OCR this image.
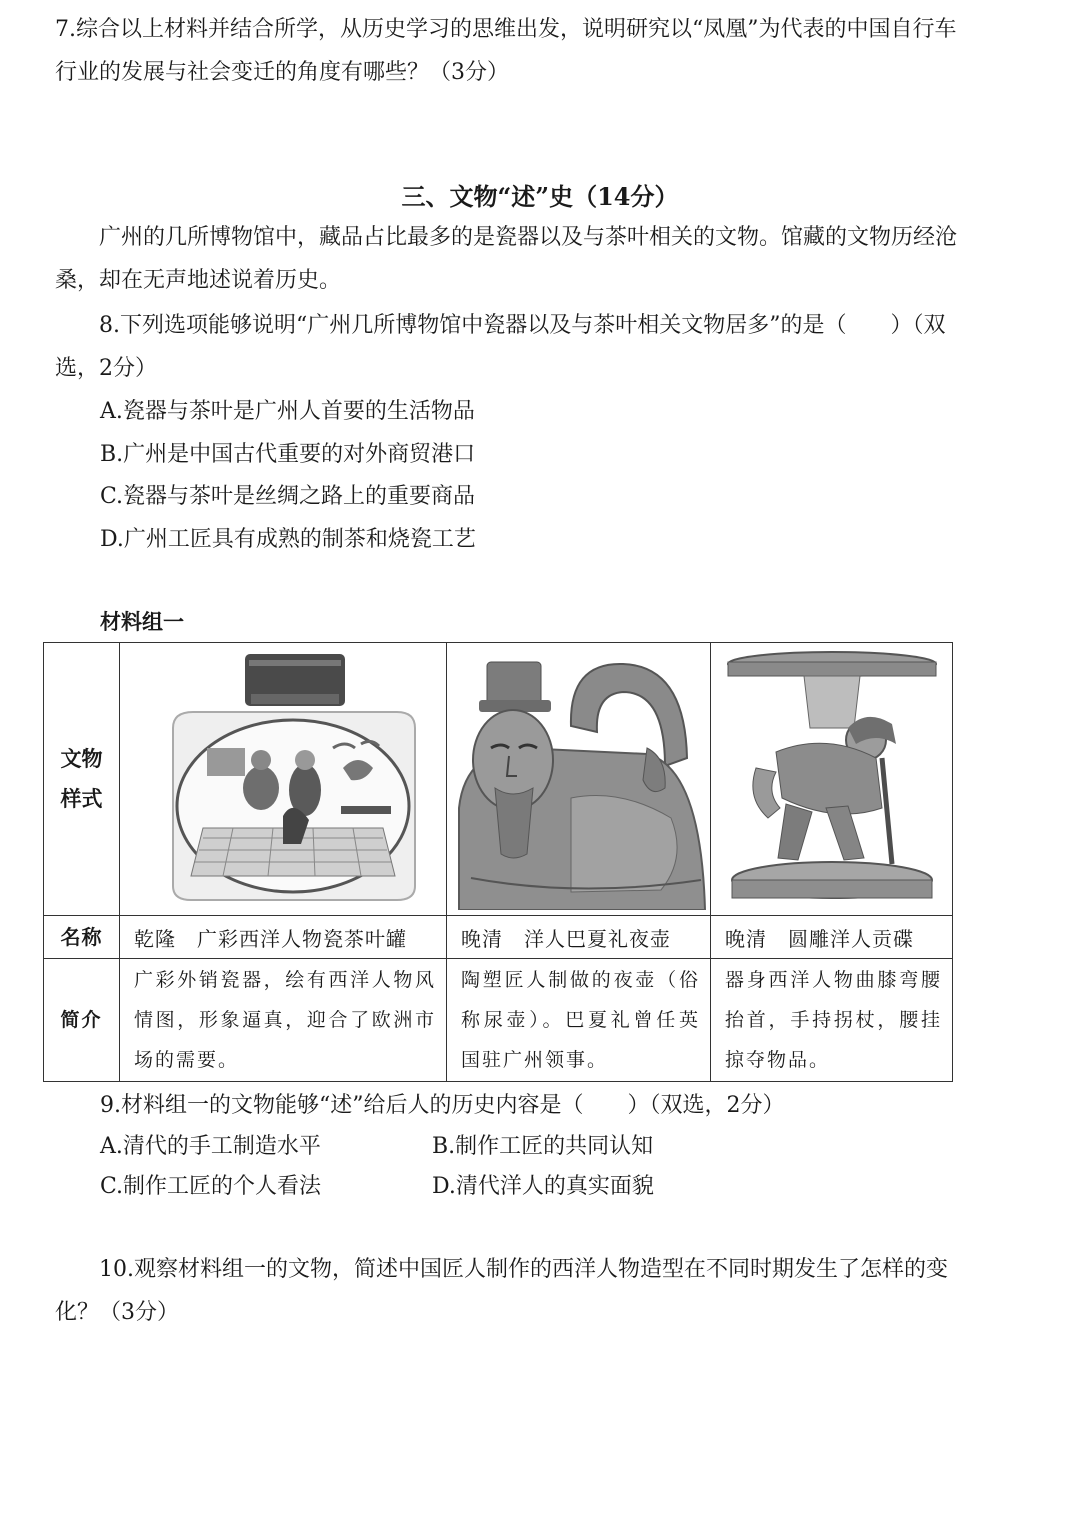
7.综合以上材料并结合所学，从历史学习的思维出发，说明研究以“凤凰”为代表的中国自行车行业的发展与社会变迁的角度有哪些？（3分）
三、文物“述”史（14分）
广州的几所博物馆中，藏品占比最多的是瓷器以及与茶叶相关的文物。馆藏的文物历经沧桑，却在无声地述说着历史。
8.下列选项能够说明“广州几所博物馆中瓷器以及与茶叶相关文物居多”的是（　　）（双选，2分）
A.瓷器与茶叶是广州人首要的生活物品
B.广州是中国古代重要的对外商贸港口
C.瓷器与茶叶是丝绸之路上的重要商品
D.广州工匠具有成熟的制茶和烧瓷工艺
材料组一
文物样式

名称	乾隆　广彩西洋人物瓷茶叶罐	晚清　洋人巴夏礼夜壶	晚清　圆雕洋人贡碟
简介	广彩外销瓷器，绘有西洋人物风情图，形象逼真，迎合了欧洲市场的需要。	陶塑匠人制做的夜壶（俗称尿壶）。巴夏礼曾任英国驻广州领事。	器身西洋人物曲膝弯腰抬首，手持拐杖，腰挂掠夺物品。
9.材料组一的文物能够“述”给后人的历史内容是（　　）（双选，2分）
A.清代的手工制造水平	B.制作工匠的共同认知
C.制作工匠的个人看法	D.清代洋人的真实面貌
10.观察材料组一的文物，简述中国匠人制作的西洋人物造型在不同时期发生了怎样的变化？（3分）
